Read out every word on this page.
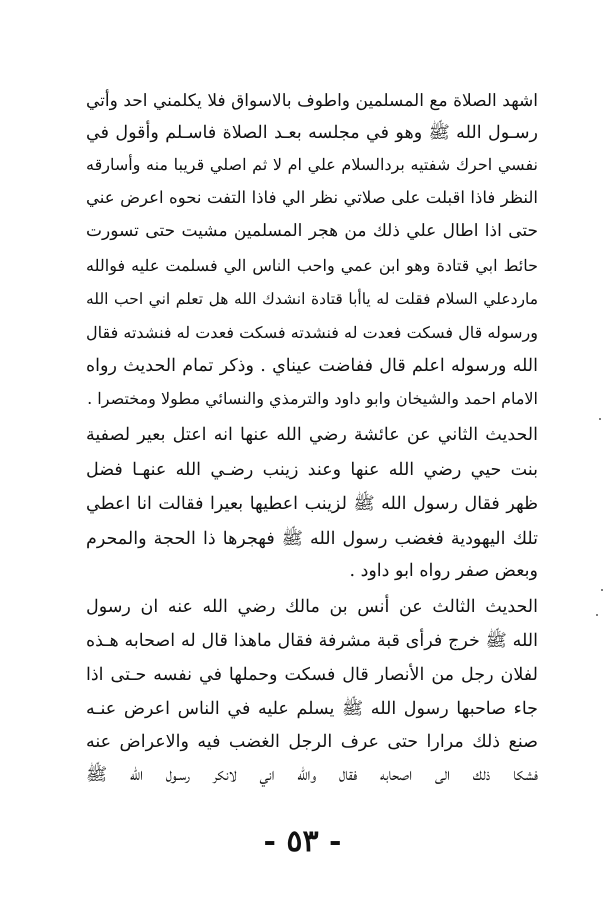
اشهد الصلاة مع المسلمين واطوف بالاسواق فلا يكلمني احد وأتي

رسـول الله ﷺ وهو في مجلسه بعـد الصلاة فاسـلم وأقول في

نفسي احرك شفتيه بردالسلام علي ام لا ثم اصلي قريبا منه وأسارقه

النظر فاذا اقبلت على صلاتي نظر الي فاذا التفت نحوه اعرض عني

حتى اذا اطال علي ذلك من هجر المسلمين مشيت حتى تسورت

حائط ابي قتادة وهو ابن عمي واحب الناس الي فسلمت عليه فوالله

ماردعلي السلام فقلت له ياأبا قتادة انشدك الله هل تعلم اني احب الله

ورسوله قال فسكت فعدت له فنشدته فسكت فعدت له فنشدته فقال

الله ورسوله اعلم قال ففاضت عيناي . وذكر تمام الحديث رواه

الامام احمد والشيخان وابو داود والترمذي والنسائي مطولا ومختصرا .

الحديث الثاني عن عائشة رضي الله عنها انه اعتل بعير لصفية

بنت حيي رضي الله عنها وعند زينب رضـي الله عنهـا فضل

ظهر فقال رسول الله ﷺ لزينب اعطيها بعيرا فقالت انا اعطي

تلك اليهودية فغضب رسول الله ﷺ فهجرها ذا الحجة والمحرم

وبعض صفر رواه ابو داود .

الحديث الثالث عن أنس بن مالك رضي الله عنه ان رسول

الله ﷺ خرج فرأى قبة مشرفة فقال ماهذا قال له اصحابه هـذه

لفلان رجل من الأنصار قال فسكت وحملها في نفسه حـتى اذا

جاء صاحبها رسول الله ﷺ يسلم عليه في الناس اعرض عنـه

صنع ذلك مرارا حتى عرف الرجل الغضب فيه والاعراض عنه

فشكا ذلك الى اصحابه فقال والله اني لانكر رسـول الله ﷺ

- ٥٣ -
